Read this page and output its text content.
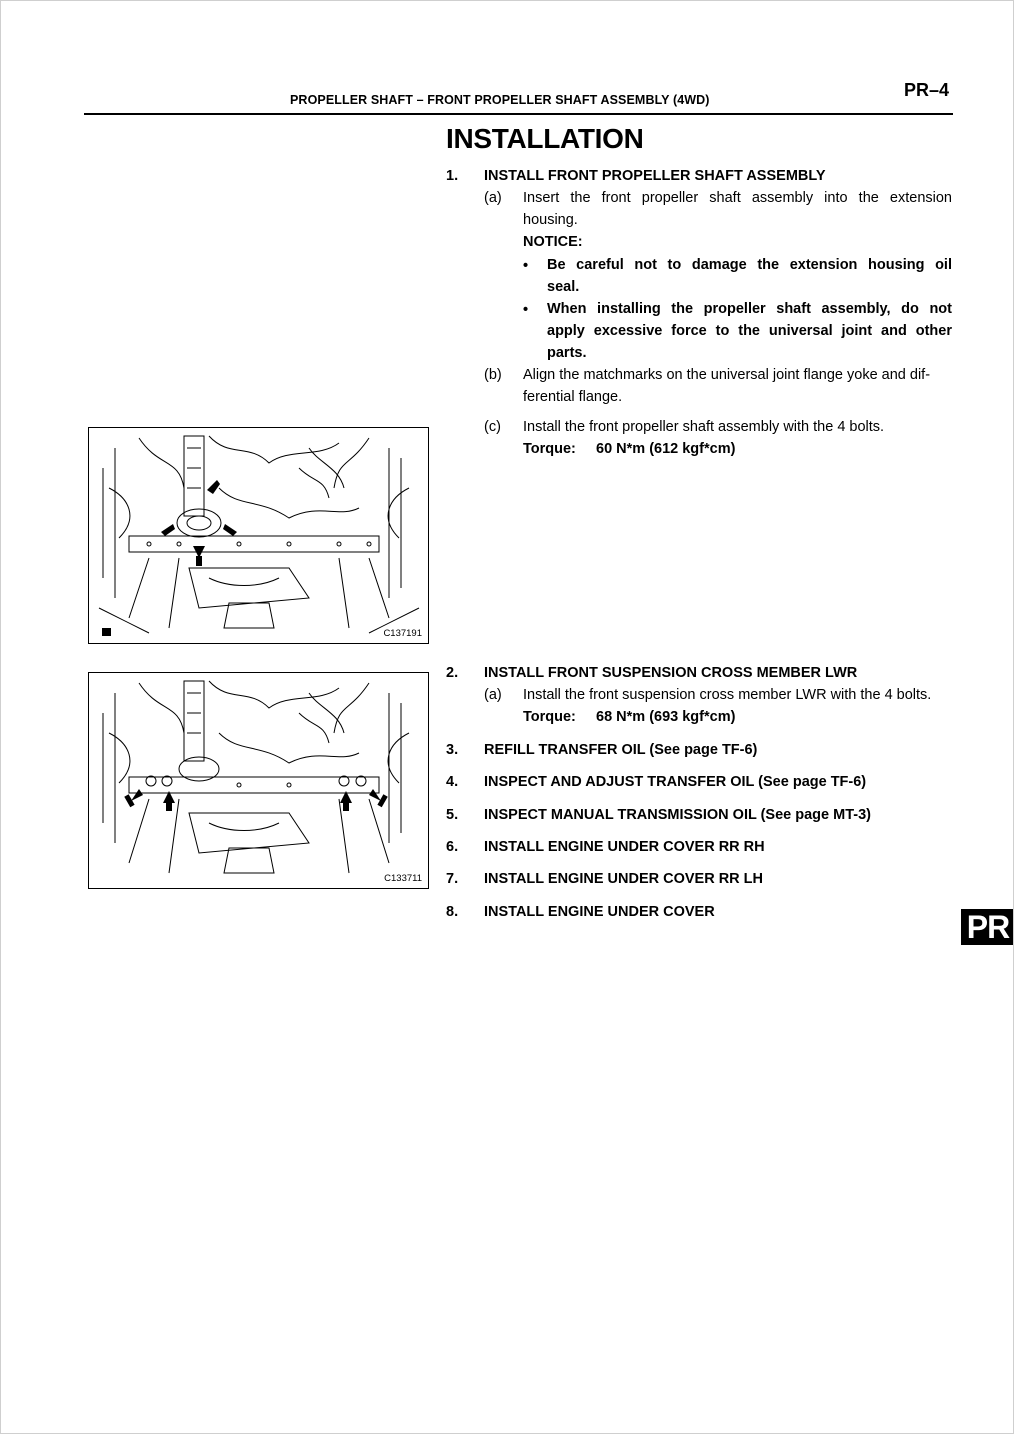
PROPELLER SHAFT – FRONT PROPELLER SHAFT ASSEMBLY (4WD)	PR–4
INSTALLATION
1. INSTALL FRONT PROPELLER SHAFT ASSEMBLY
(a) Insert the front propeller shaft assembly into the extension
housing.
NOTICE:
• Be careful not to damage the extension housing oil
seal.
• When installing the propeller shaft assembly, do not
apply excessive force to the universal joint and other
parts.
(b) Align the matchmarks on the universal joint flange yoke and dif-
ferential flange.
(c) Install the front propeller shaft assembly with the 4 bolts.
Torque: 60 N*m (612 kgf*cm)
C137191
2. INSTALL FRONT SUSPENSION CROSS MEMBER LWR
(a) Install the front suspension cross member LWR with the 4 bolts.
Torque: 68 N*m (693 kgf*cm)
C133711
3. REFILL TRANSFER OIL (See page TF-6)
4. INSPECT AND ADJUST TRANSFER OIL (See page TF-6)
5. INSPECT MANUAL TRANSMISSION OIL (See page MT-3)
6. INSTALL ENGINE UNDER COVER RR RH
7. INSTALL ENGINE UNDER COVER RR LH
8. INSTALL ENGINE UNDER COVER	PR
